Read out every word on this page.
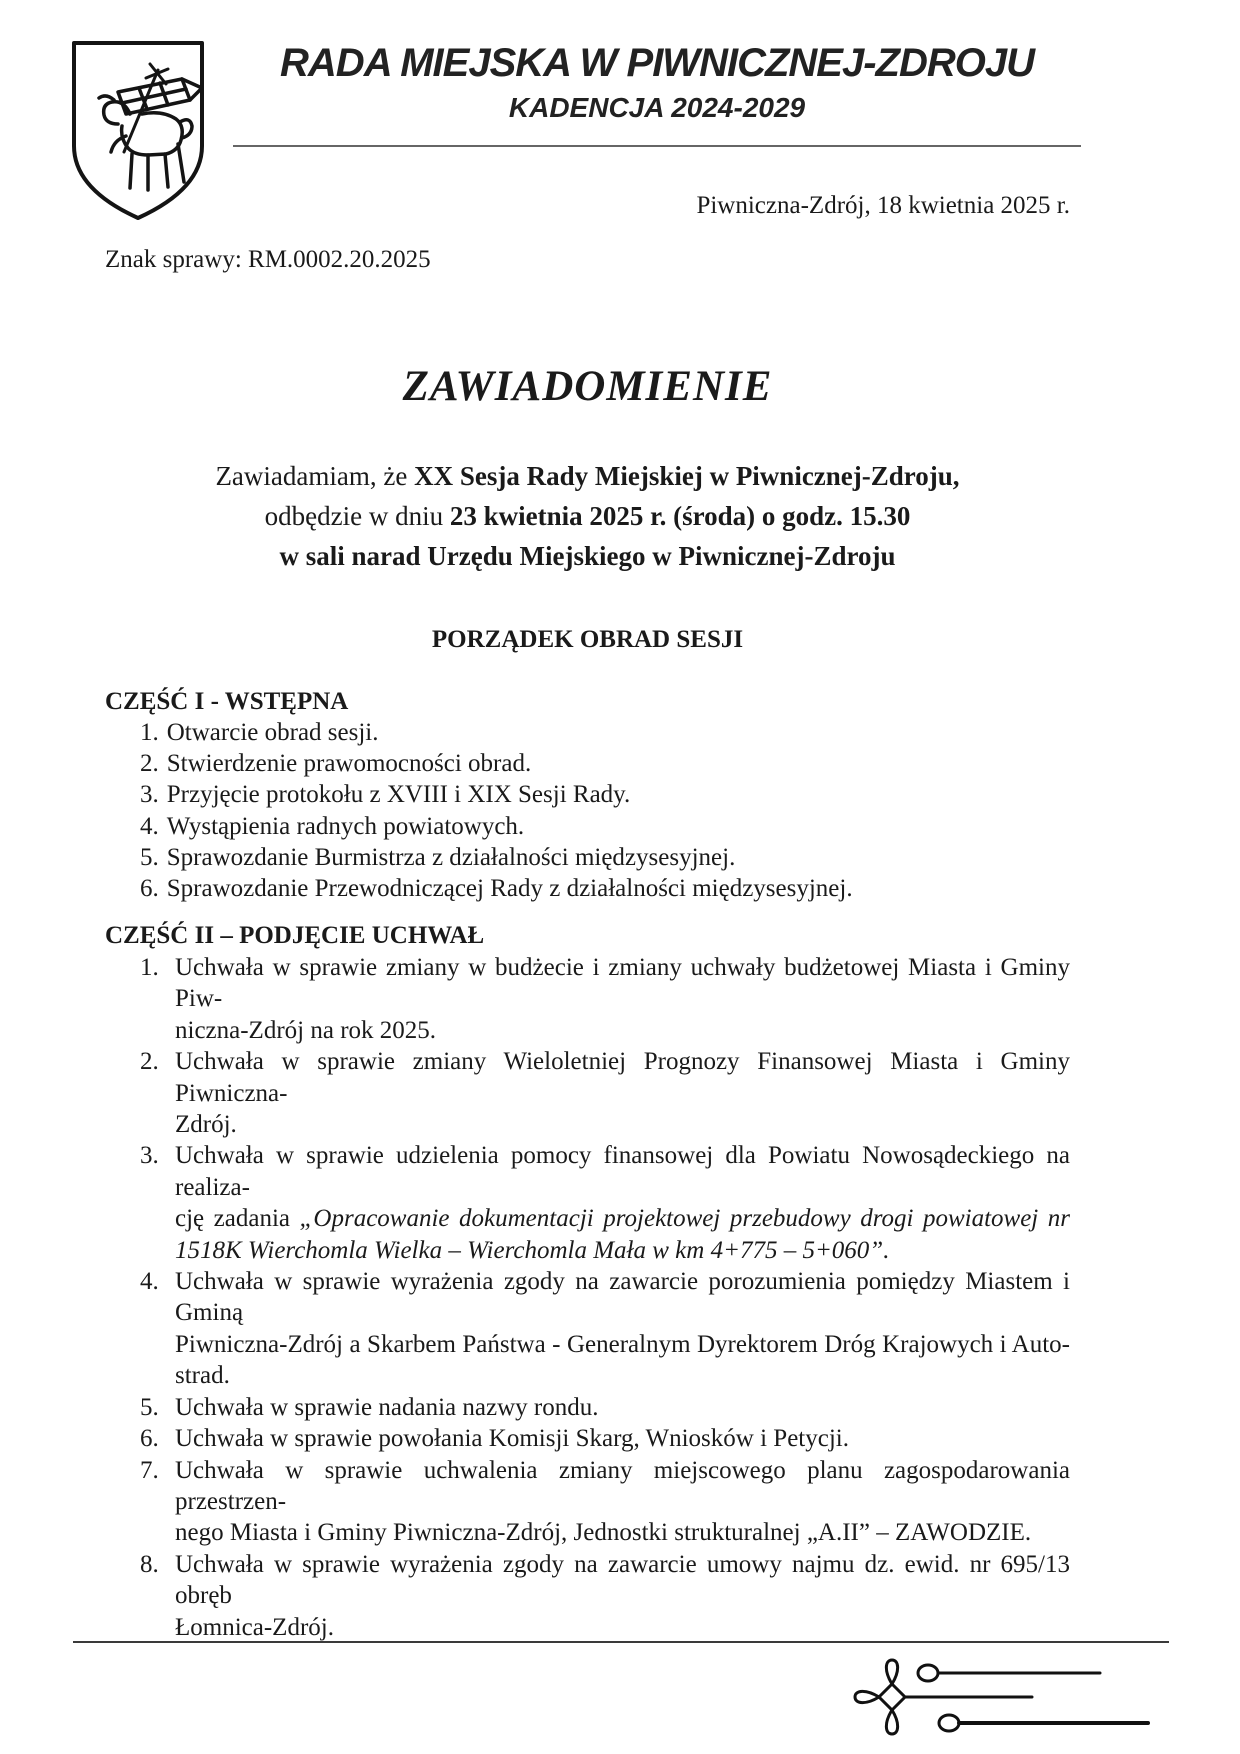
RADA MIEJSKA W PIWNICZNEJ-ZDROJU
KADENCJA 2024-2029
Piwniczna-Zdrój, 18 kwietnia 2025 r.
Znak sprawy: RM.0002.20.2025
ZAWIADOMIENIE
Zawiadamiam, że XX Sesja Rady Miejskiej w Piwnicznej-Zdroju,
odbędzie w dniu 23 kwietnia 2025 r. (środa) o godz. 15.30
w sali narad Urzędu Miejskiego w Piwnicznej-Zdroju
PORZĄDEK OBRAD SESJI
CZĘŚĆ I - WSTĘPNA
1. Otwarcie obrad sesji.
2. Stwierdzenie prawomocności obrad.
3. Przyjęcie protokołu z XVIII i XIX Sesji Rady.
4. Wystąpienia radnych powiatowych.
5. Sprawozdanie Burmistrza z działalności międzysesyjnej.
6. Sprawozdanie Przewodniczącej Rady z działalności międzysesyjnej.
CZĘŚĆ II – PODJĘCIE UCHWAŁ
1. Uchwała w sprawie zmiany w budżecie i zmiany uchwały budżetowej Miasta i Gminy Piw-
niczna-Zdrój na rok 2025.
2. Uchwała w sprawie zmiany Wieloletniej Prognozy Finansowej Miasta i Gminy Piwniczna-
Zdrój.
3. Uchwała w sprawie udzielenia pomocy finansowej dla Powiatu Nowosądeckiego na realiza-
cję zadania „Opracowanie dokumentacji projektowej przebudowy drogi powiatowej nr
1518K Wierchomla Wielka – Wierchomla Mała w km 4+775 – 5+060”.
4. Uchwała w sprawie wyrażenia zgody na zawarcie porozumienia pomiędzy Miastem i Gminą
Piwniczna-Zdrój a Skarbem Państwa - Generalnym Dyrektorem Dróg Krajowych i Auto-
strad.
5. Uchwała w sprawie nadania nazwy rondu.
6. Uchwała w sprawie powołania Komisji Skarg, Wniosków i Petycji.
7. Uchwała w sprawie uchwalenia zmiany miejscowego planu zagospodarowania przestrzen-
nego Miasta i Gminy Piwniczna-Zdrój, Jednostki strukturalnej „A.II” – ZAWODZIE.
8. Uchwała w sprawie wyrażenia zgody na zawarcie umowy najmu dz. ewid. nr 695/13 obręb
Łomnica-Zdrój.
